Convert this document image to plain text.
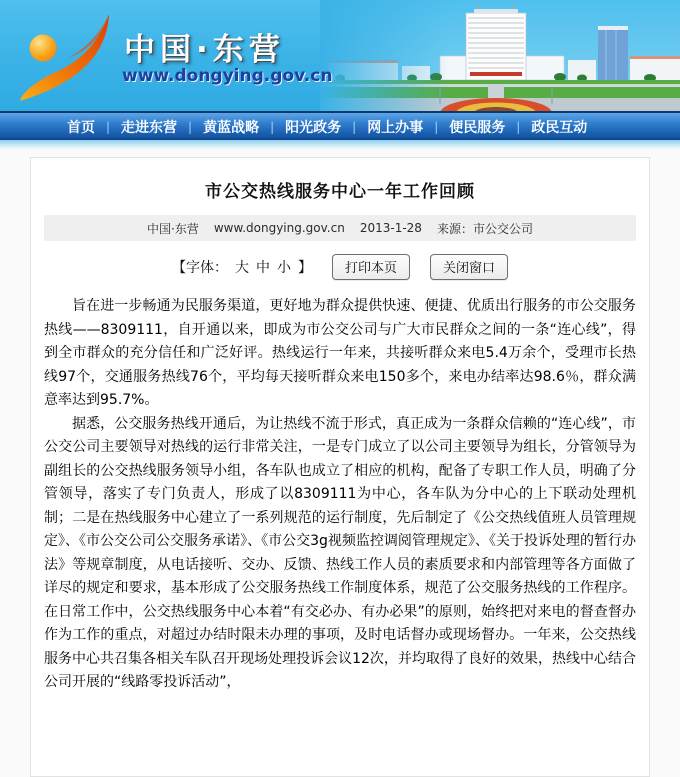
中国·东营
www.dongying.gov.cn
首页 | 走进东营 | 黄蓝战略 | 阳光政务 | 网上办事 | 便民服务 | 政民互动
市公交热线服务中心一年工作回顾
中国·东营 www.dongying.gov.cn 2013-1-28 来源：市公交公司
【字体： 大 中 小 】	打印本页	关闭窗口

旨在进一步畅通为民服务渠道，更好地为群众提供快速、便捷、优质出行服务的市公交服务热线——8309111，自开通以来，即成为市公交公司与广大市民群众之间的一条“连心线”，得到全市群众的充分信任和广泛好评。热线运行一年来，共接听群众来电5.4万余个，受理市长热线97个，交通服务热线76个，平均每天接听群众来电150多个，来电办结率达98.6％，群众满意率达到95.7%。

据悉，公交服务热线开通后，为让热线不流于形式，真正成为一条群众信赖的“连心线”，市公交公司主要领导对热线的运行非常关注，一是专门成立了以公司主要领导为组长，分管领导为副组长的公交热线服务领导小组，各车队也成立了相应的机构，配备了专职工作人员，明确了分管领导，落实了专门负责人，形成了以8309111为中心，各车队为分中心的上下联动处理机制；二是在热线服务中心建立了一系列规范的运行制度，先后制定了《公交热线值班人员管理规定》、《市公交公司公交服务承诺》、《市公交3g视频监控调阅管理规定》、《关于投诉处理的暂行办法》等规章制度，从电话接听、交办、反馈、热线工作人员的素质要求和内部管理等各方面做了详尽的规定和要求，基本形成了公交服务热线工作制度体系，规范了公交服务热线的工作程序。在日常工作中，公交热线服务中心本着“有交必办、有办必果”的原则，始终把对来电的督查督办作为工作的重点，对超过办结时限未办理的事项，及时电话督办或现场督办。一年来，公交热线服务中心共召集各相关车队召开现场处理投诉会议12次，并均取得了良好的效果，热线中心结合公司开展的“线路零投诉活动”，
